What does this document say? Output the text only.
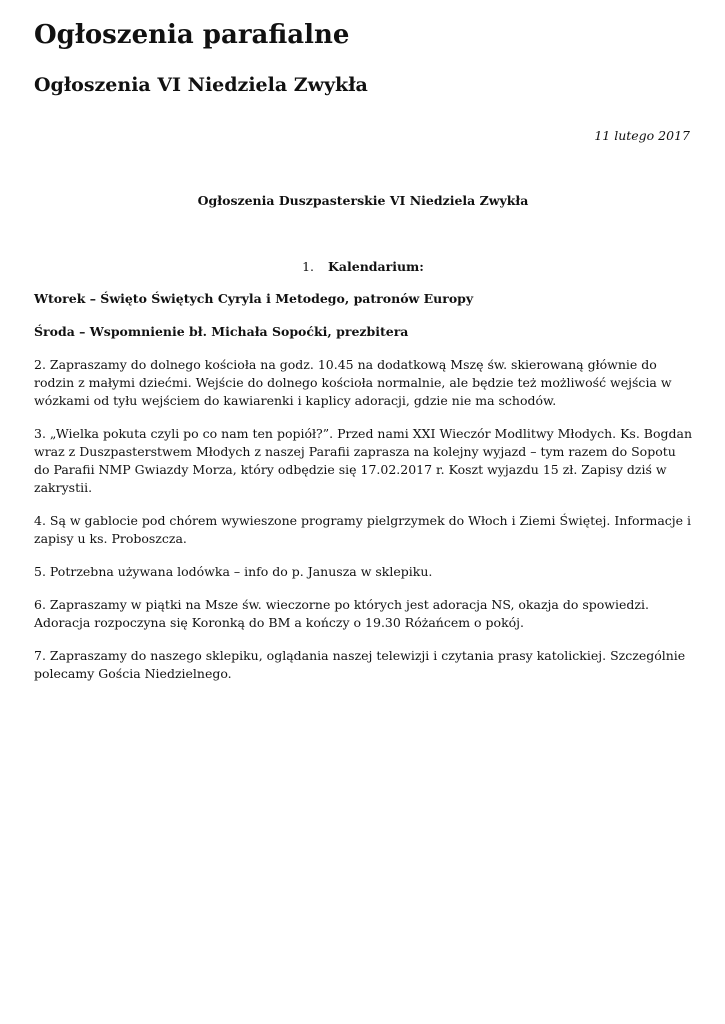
Ogłoszenia parafialne
Ogłoszenia VI Niedziela Zwykła
11 lutego 2017
Ogłoszenia Duszpasterskie VI Niedziela Zwykła
1. Kalendarium:

Wtorek – Święto Świętych Cyryla i Metodego, patronów Europy

Środa – Wspomnienie bł. Michała Sopoćki, prezbitera

2. Zapraszamy do dolnego kościoła na godz. 10.45 na dodatkową Mszę św. skierowaną głównie do rodzin z małymi dziećmi. Wejście do dolnego kościoła normalnie, ale będzie też możliwość wejścia w wózkami od tyłu wejściem do kawiarenki i kaplicy adoracji, gdzie nie ma schodów.

3. „Wielka pokuta czyli po co nam ten popiół?”. Przed nami XXI Wieczór Modlitwy Młodych. Ks. Bogdan wraz z Duszpasterstwem Młodych z naszej Parafii zaprasza na kolejny wyjazd – tym razem do Sopotu do Parafii NMP Gwiazdy Morza, który odbędzie się 17.02.2017 r. Koszt wyjazdu 15 zł. Zapisy dziś w zakrystii.

4. Są w gablocie pod chórem wywieszone programy pielgrzymek do Włoch i Ziemi Świętej. Informacje i zapisy u ks. Proboszcza.

5. Potrzebna używana lodówka – info do p. Janusza w sklepiku.

6. Zapraszamy w piątki na Msze św. wieczorne po których jest adoracja NS, okazja do spowiedzi. Adoracja rozpoczyna się Koronką do BM a kończy o 19.30 Różańcem o pokój.

7. Zapraszamy do naszego sklepiku, oglądania naszej telewizji i czytania prasy katolickiej. Szczególnie polecamy Gościa Niedzielnego.
